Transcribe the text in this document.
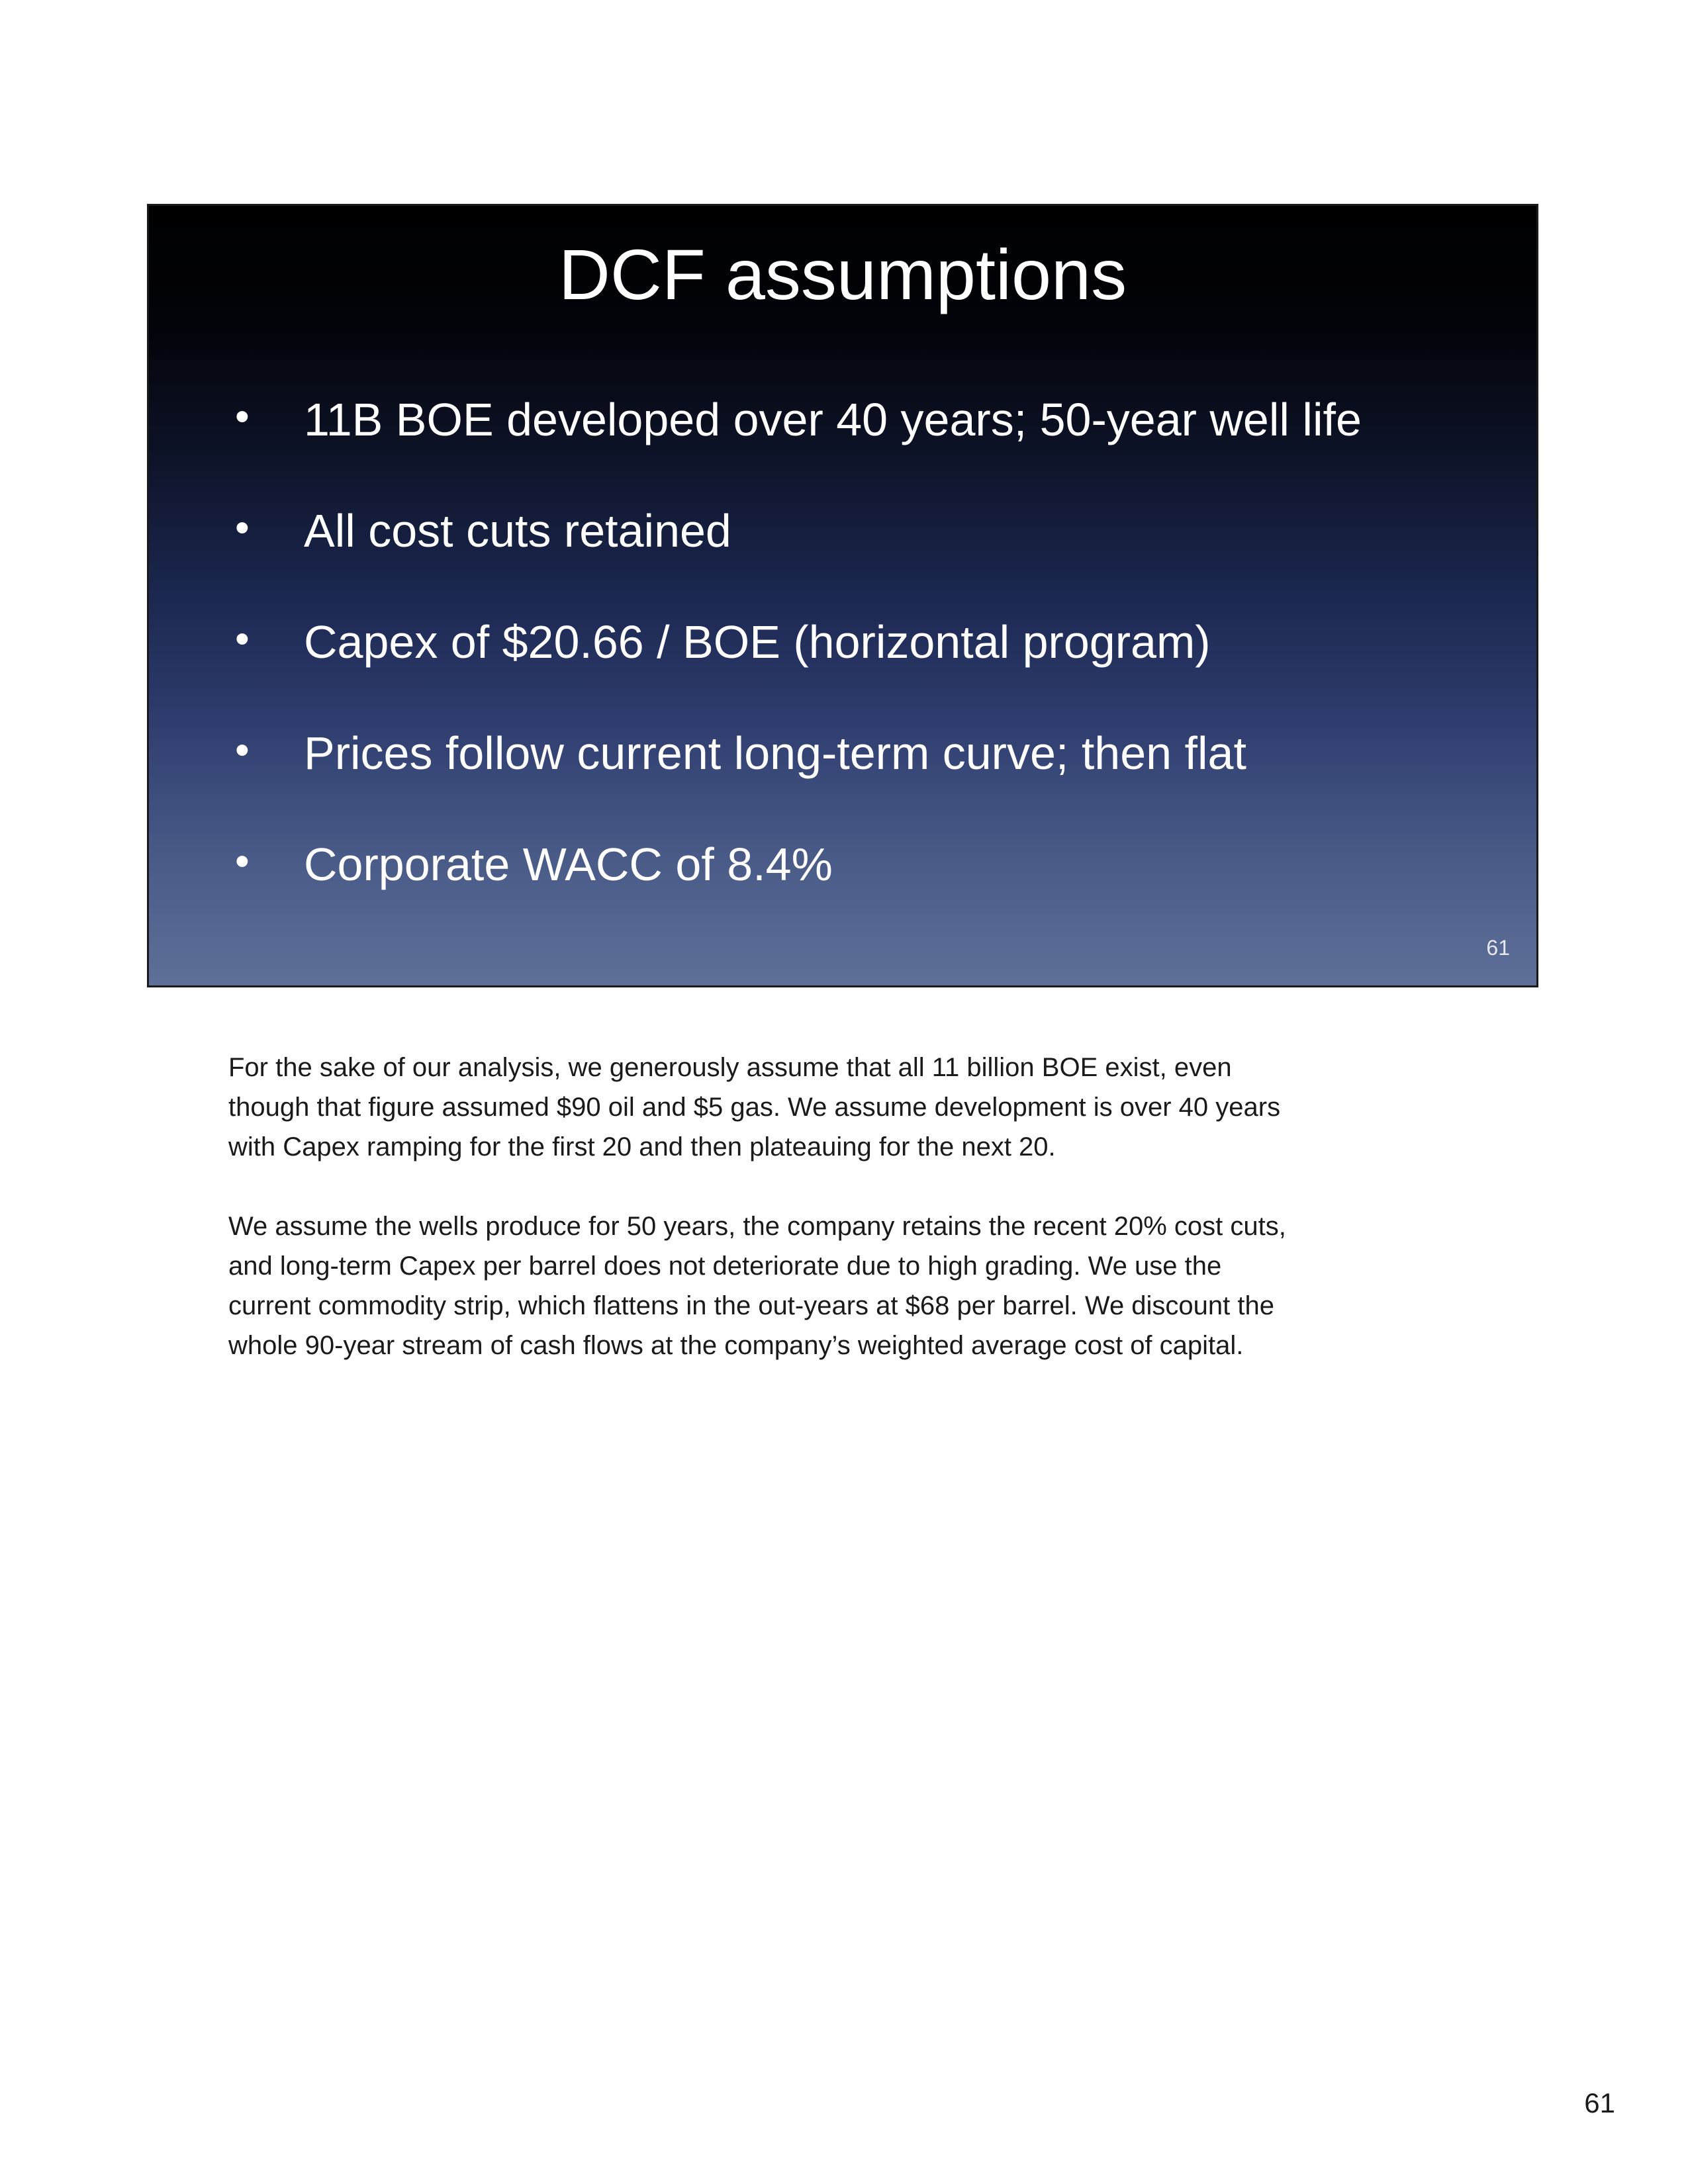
DCF assumptions
• 11B BOE developed over 40 years; 50-year well life
• All cost cuts retained
• Capex of $20.66 / BOE (horizontal program)
• Prices follow current long-term curve; then flat
• Corporate WACC of 8.4%
61

For the sake of our analysis, we generously assume that all 11 billion BOE exist, even
though that figure assumed $90 oil and $5 gas. We assume development is over 40 years
with Capex ramping for the first 20 and then plateauing for the next 20.

We assume the wells produce for 50 years, the company retains the recent 20% cost cuts,
and long-term Capex per barrel does not deteriorate due to high grading. We use the
current commodity strip, which flattens in the out-years at $68 per barrel. We discount the
whole 90-year stream of cash flows at the company’s weighted average cost of capital.

61
